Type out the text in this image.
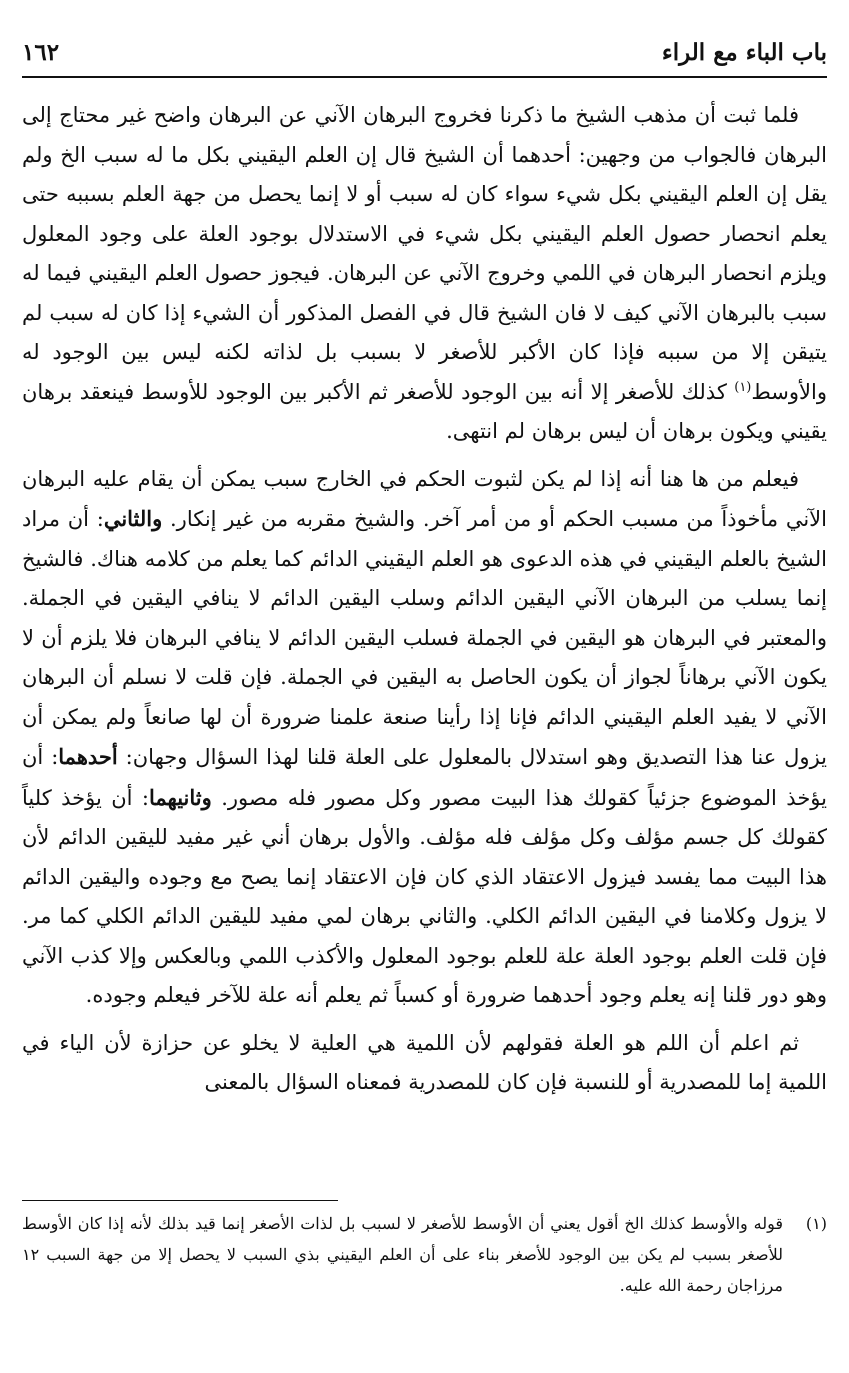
باب الباء مع الراء
١٦٢

فلما ثبت أن مذهب الشيخ ما ذكرنا فخروج البرهان الآني عن البرهان واضح غير محتاج إلى البرهان فالجواب من وجهين: أحدهما أن الشيخ قال إن العلم اليقيني بكل ما له سبب الخ ولم يقل إن العلم اليقيني بكل شيء سواء كان له سبب أو لا إنما يحصل من جهة العلم بسببه حتى يعلم انحصار حصول العلم اليقيني بكل شيء في الاستدلال بوجود العلة على وجود المعلول ويلزم انحصار البرهان في اللمي وخروج الآني عن البرهان. فيجوز حصول العلم اليقيني فيما له سبب بالبرهان الآني كيف لا فان الشيخ قال في الفصل المذكور أن الشيء إذا كان له سبب لم يتيقن إلا من سببه فإذا كان الأكبر للأصغر لا بسبب بل لذاته لكنه ليس بين الوجود له والأوسط$^{(١)}$ كذلك للأصغر إلا أنه بين الوجود للأصغر ثم الأكبر بين الوجود للأوسط فينعقد برهان يقيني ويكون برهان أن ليس برهان لم انتهى.

فيعلم من ها هنا أنه إذا لم يكن لثبوت الحكم في الخارج سبب يمكن أن يقام عليه البرهان الآني مأخوذاً من مسبب الحكم أو من أمر آخر. والشيخ مقربه من غير إنكار. والثاني: أن مراد الشيخ بالعلم اليقيني في هذه الدعوى هو العلم اليقيني الدائم كما يعلم من كلامه هناك. فالشيخ إنما يسلب من البرهان الآني اليقين الدائم وسلب اليقين الدائم لا ينافي اليقين في الجملة. والمعتبر في البرهان هو اليقين في الجملة فسلب اليقين الدائم لا ينافي البرهان فلا يلزم أن لا يكون الآني برهاناً لجواز أن يكون الحاصل به اليقين في الجملة. فإن قلت لا نسلم أن البرهان الآني لا يفيد العلم اليقيني الدائم فإنا إذا رأينا صنعة علمنا ضرورة أن لها صانعاً ولم يمكن أن يزول عنا هذا التصديق وهو استدلال بالمعلول على العلة قلنا لهذا السؤال وجهان: أحدهما: أن يؤخذ الموضوع جزئياً كقولك هذا البيت مصور وكل مصور فله مصور. وثانيهما: أن يؤخذ كلياً كقولك كل جسم مؤلف وكل مؤلف فله مؤلف. والأول برهان أني غير مفيد لليقين الدائم لأن هذا البيت مما يفسد فيزول الاعتقاد الذي كان فإن الاعتقاد إنما يصح مع وجوده واليقين الدائم لا يزول وكلامنا في اليقين الدائم الكلي. والثاني برهان لمي مفيد لليقين الدائم الكلي كما مر. فإن قلت العلم بوجود العلة علة للعلم بوجود المعلول والأكذب اللمي وبالعكس وإلا كذب الآني وهو دور قلنا إنه يعلم وجود أحدهما ضرورة أو كسباً ثم يعلم أنه علة للآخر فيعلم وجوده.

ثم اعلم أن اللم هو العلة فقولهم لأن اللمية هي العلية لا يخلو عن حزازة لأن الياء في اللمية إما للمصدرية أو للنسبة فإن كان للمصدرية فمعناه السؤال بالمعنى

(١)
قوله والأوسط كذلك الخ أقول يعني أن الأوسط للأصغر لا لسبب بل لذات الأصغر إنما قيد بذلك لأنه إذا كان الأوسط للأصغر بسبب لم يكن بين الوجود للأصغر بناء على أن العلم اليقيني بذي السبب لا يحصل إلا من جهة السبب ١٢ مرزاجان رحمة الله عليه.
